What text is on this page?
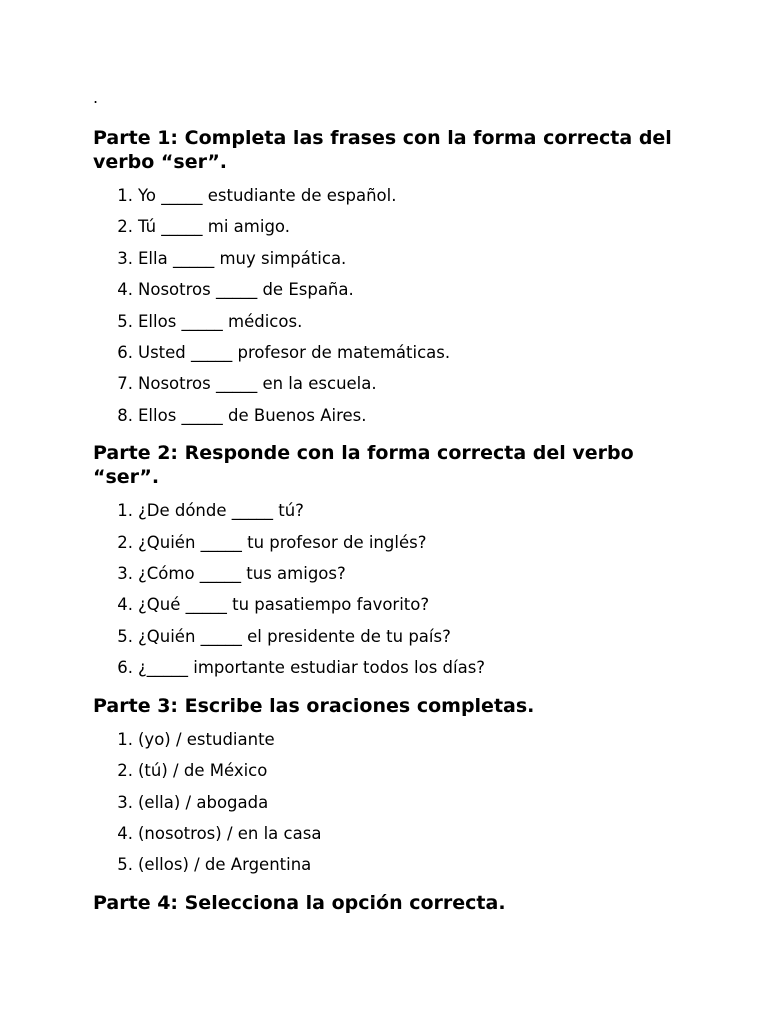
.
Parte 1: Completa las frases con la forma correcta del verbo “ser”.
1. Yo _____ estudiante de español.
2. Tú _____ mi amigo.
3. Ella _____ muy simpática.
4. Nosotros _____ de España.
5. Ellos _____ médicos.
6. Usted _____ profesor de matemáticas.
7. Nosotros _____ en la escuela.
8. Ellos _____ de Buenos Aires.
Parte 2: Responde con la forma correcta del verbo “ser”.
1. ¿De dónde _____ tú?
2. ¿Quién _____ tu profesor de inglés?
3. ¿Cómo _____ tus amigos?
4. ¿Qué _____ tu pasatiempo favorito?
5. ¿Quién _____ el presidente de tu país?
6. ¿_____ importante estudiar todos los días?
Parte 3: Escribe las oraciones completas.
1. (yo) / estudiante
2. (tú) / de México
3. (ella) / abogada
4. (nosotros) / en la casa
5. (ellos) / de Argentina
Parte 4: Selecciona la opción correcta.
